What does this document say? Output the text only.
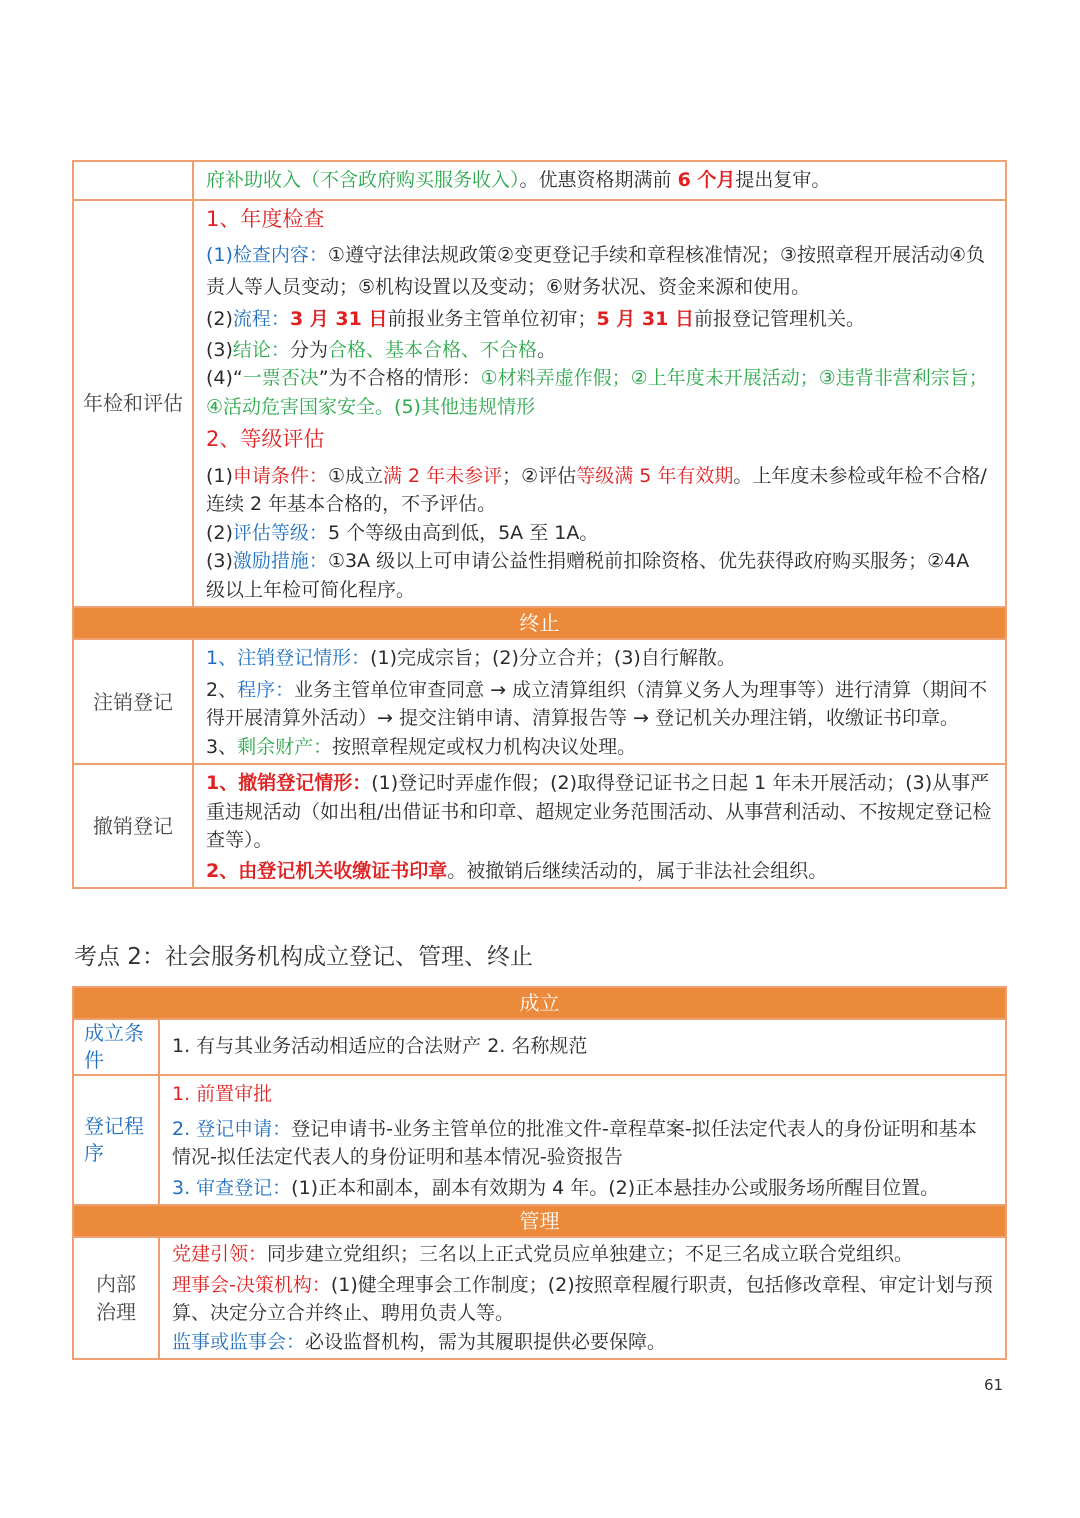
府补助收入（不含政府购买服务收入）。优惠资格期满前 6 个月提出复审。

年检和评估

1、年度检查

(1)检查内容：①遵守法律法规政策②变更登记手续和章程核准情况；③按照章程开展活动④负责人等人员变动；⑤机构设置以及变动；⑥财务状况、资金来源和使用。

(2)流程：3 月 31 日前报业务主管单位初审；5 月 31 日前报登记管理机关。

(3)结论：分为合格、基本合格、不合格。

(4)“一票否决”为不合格的情形：①材料弄虚作假；②上年度未开展活动；③违背非营利宗旨；④活动危害国家安全。(5)其他违规情形

2、等级评估

(1)申请条件：①成立满 2 年未参评；②评估等级满 5 年有效期。上年度未参检或年检不合格/连续 2 年基本合格的，不予评估。

(2)评估等级：5 个等级由高到低，5A 至 1A。

(3)激励措施：①3A 级以上可申请公益性捐赠税前扣除资格、优先获得政府购买服务；②4A 级以上年检可简化程序。

终止
注销登记

1、注销登记情形：(1)完成宗旨；(2)分立合并；(3)自行解散。

2、程序：业务主管单位审查同意 → 成立清算组织（清算义务人为理事等）进行清算（期间不得开展清算外活动）→ 提交注销申请、清算报告等 → 登记机关办理注销，收缴证书印章。

3、剩余财产：按照章程规定或权力机构决议处理。

撤销登记

1、撤销登记情形：(1)登记时弄虚作假；(2)取得登记证书之日起 1 年未开展活动；(3)从事严重违规活动（如出租/出借证书和印章、超规定业务范围活动、从事营利活动、不按规定登记检查等）。

2、由登记机关收缴证书印章。被撤销后继续活动的，属于非法社会组织。

考点 2：社会服务机构成立登记、管理、终止
成立
成立条件

1. 有与其业务活动相适应的合法财产 2. 名称规范

登记程序

1. 前置审批

2. 登记申请：登记申请书-业务主管单位的批准文件-章程草案-拟任法定代表人的身份证明和基本情况-拟任法定代表人的身份证明和基本情况-验资报告

3. 审查登记：(1)正本和副本，副本有效期为 4 年。(2)正本悬挂办公或服务场所醒目位置。

管理
内部治理

党建引领：同步建立党组织；三名以上正式党员应单独建立；不足三名成立联合党组织。

理事会-决策机构：(1)健全理事会工作制度；(2)按照章程履行职责，包括修改章程、审定计划与预算、决定分立合并终止、聘用负责人等。

监事或监事会：必设监督机构，需为其履职提供必要保障。

61
